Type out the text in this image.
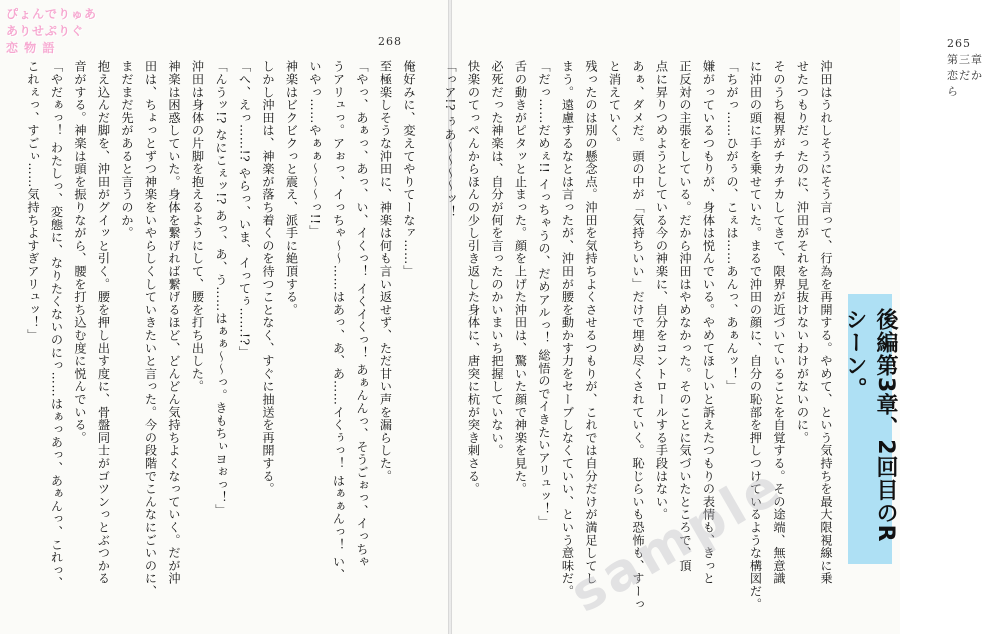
268	265　 第三章　恋だから
俺好みに、変えてやりてーなァ……」
至極楽しそうな沖田に、神楽は何も言い返せず、ただ甘い声を漏らした。
「やっ、あぁっ、あっ、い、イくっ！ イくイくっ！ あぁんんっ、そうごぉっ、イっちゃ
うアリュっ。アぉっ、イっちゃ～～……はあっ、あ、あ……イくぅっ！ はぁぁんっ！ い、
いやっ……やぁぁ～～～っ!!」
神楽はビクビクっと震え、派手に絶頂する。
しかし沖田は、神楽が落ち着くのを待つことなく、すぐに抽送を再開する。
「へ、えっ……!? やらっ、いま、イってぅ……!?」
「んうッ!? なにこぇッ!? あっ、あ、う……はぁぁ～～っ。きもちぃヨぉっ！」
沖田は身体の片脚を抱えるようにして、腰を打ち出した。
神楽は困惑していた。身体を繋げれば繋げるほど、どんどん気持ちよくなっていく。だが沖
田は、ちょっとずつ神楽をいやらしくしていきたいと言った。今の段階でこんなにごいのに、
まだまだ先があると言うのか。
抱え込んだ脚を、沖田がグイッと引く。腰を押し出す度に、骨盤同士がゴツンっとぶつかる
音がする。神楽は頭を振りながら、腰を打ち込む度に悦んでいる。
「やだぁっ！ わたしっ、変態に、なりたくないのにっ……はぁっあっ、あぁんっ、これっ、
これぇっ、すごぃ……気持ちよすぎアリュッ！」	沖田はうれしそうにそう言って、行為を再開する。やめて、という気持ちを最大限視線に乗
せたつもりだったのに、沖田がそれを見抜けないわけがないのに。
そのうち視界がチカチカしてきて、限界が近づいていることを自覚する。その途端、無意識
に沖田の頭に手を乗せていた。まるで沖田の顔に、自分の恥部を押しつけているような構図だ。
「ちがっ……ひがぅの、こぇは……あんっ、あぁんッ！」
嫌がっているつもりが、身体は悦んでいる。やめてほしいと訴えたつもりの表情も、きっと
正反対の主張をしている。だから沖田はやめなかった。そのことに気づいたところで、頂
点に昇りつめようとしている今の神楽に、自分をコントロールする手段はない。
あぁ、ダメだ。頭の中が「気持ちいい」だけで埋め尽くされていく。恥じらいも恐怖も、すーっ
と消えていく。
残ったのは別の懸念点。沖田を気持ちよくさせるつもりが、これでは自分だけが満足してし
まう。遠慮するなとは言ったが、沖田が腰を動かす力をセーブしなくていい、という意味だ。
「だっ……だめぇ!! イっちゃうの、だめアルっ！ 総悟のでイきたいアリュッ！」
舌の動きがピタッと止まった。顔を上げた沖田は、驚いた顔で神楽を見た。
必死だった神楽は、自分が何を言ったのかいまいち把握していない。
快楽のてっぺんからほんの少し引き返した身体に、唐突に杭が突き刺さる。
「っア!? ぅあ～～～～ッ！
ぴょんでりゅあ
ありせぷりぐ
恋 物 語
後編第3章、2回目のRシーン。
sample
